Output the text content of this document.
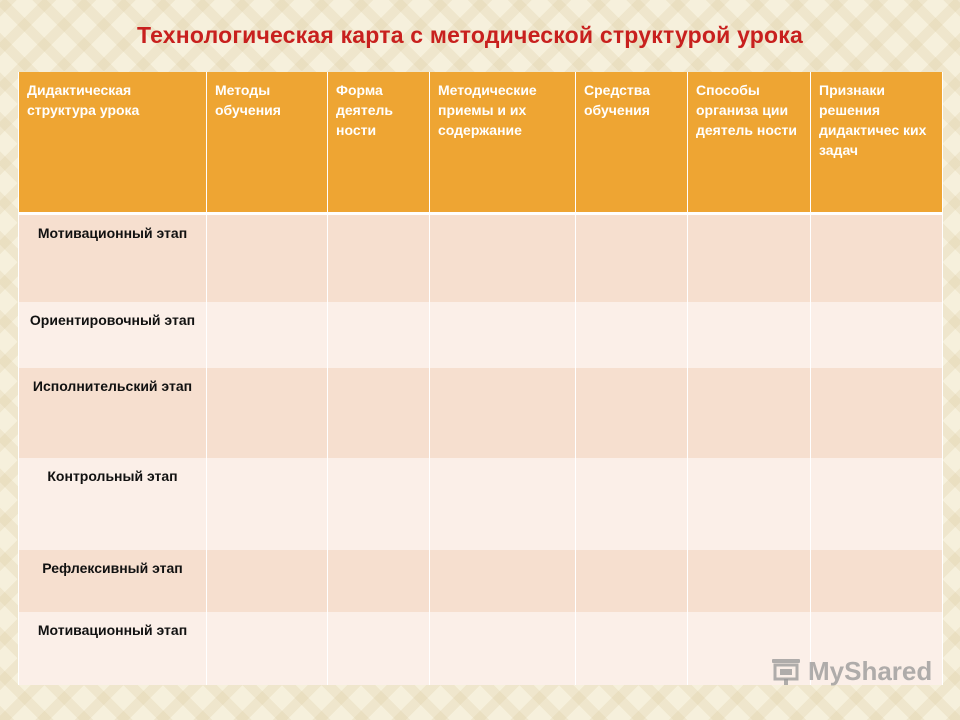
Технологическая карта с методической структурой урока
Дидактическая структура урока	Методы обучения	Форма деятель ности	Методические приемы и их содержание	Средства обучения	Способы организа ции деятель ности	Признаки решения дидактичес ких задач
Мотивационный этап						
Ориентировочный этап						
Исполнительский этап						
Контрольный этап						
Рефлексивный этап						
Мотивационный этап						
MyShared
